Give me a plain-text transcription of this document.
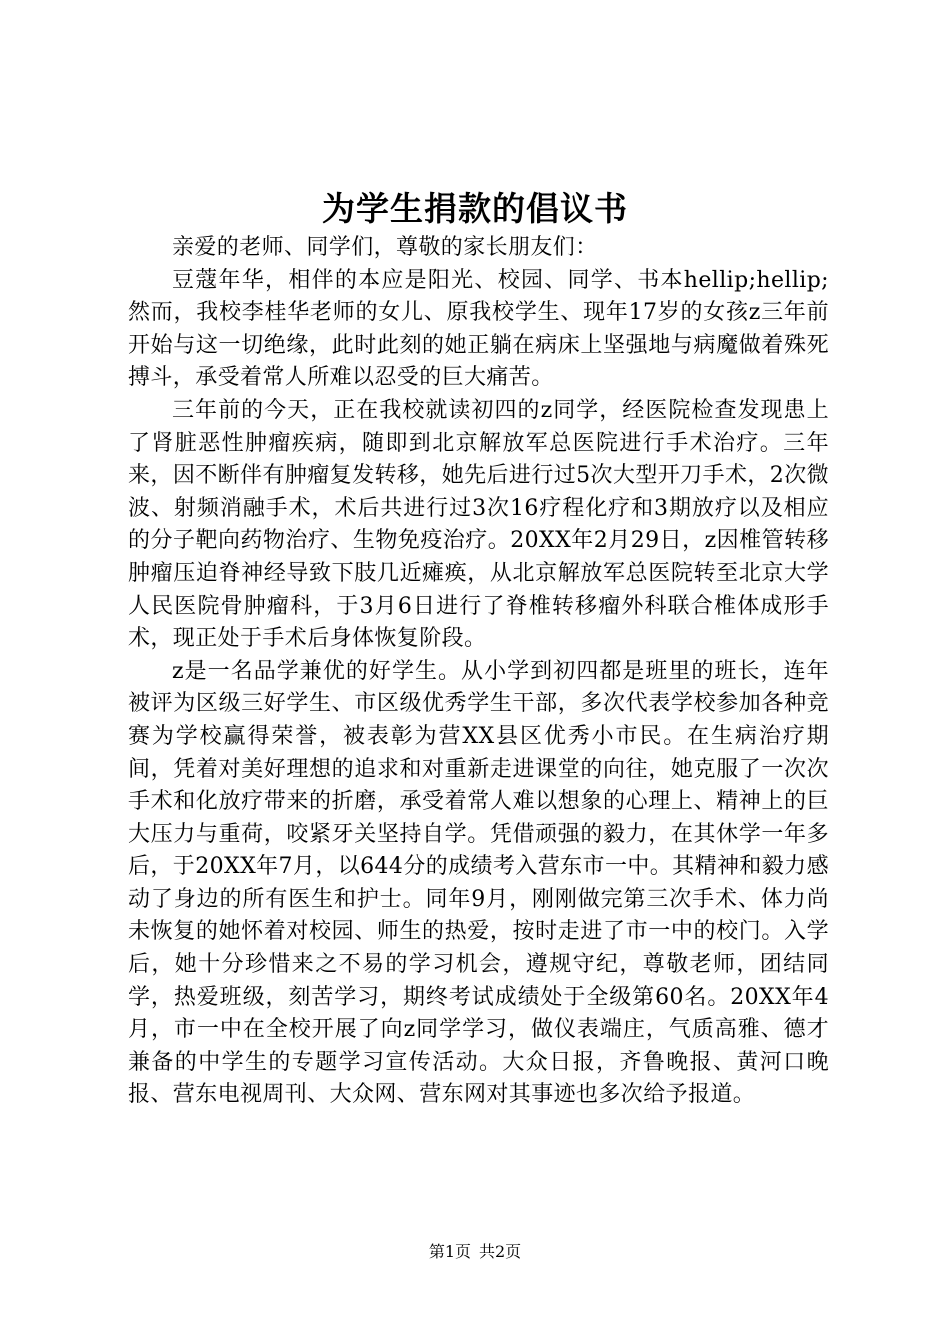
为学生捐款的倡议书

亲爱的老师、同学们，尊敬的家长朋友们：

豆蔻年华，相伴的本应是阳光、校园、同学、书本hellip;hellip;然而，我校李桂华老师的女儿、原我校学生、现年17岁的女孩z三年前开始与这一切绝缘，此时此刻的她正躺在病床上坚强地与病魔做着殊死搏斗，承受着常人所难以忍受的巨大痛苦。

三年前的今天，正在我校就读初四的z同学，经医院检查发现患上了肾脏恶性肿瘤疾病，随即到北京解放军总医院进行手术治疗。三年来，因不断伴有肿瘤复发转移，她先后进行过5次大型开刀手术，2次微波、射频消融手术，术后共进行过3次16疗程化疗和3期放疗以及相应的分子靶向药物治疗、生物免疫治疗。20XX年2月29日，z因椎管转移肿瘤压迫脊神经导致下肢几近瘫痪，从北京解放军总医院转至北京大学人民医院骨肿瘤科，于3月6日进行了脊椎转移瘤外科联合椎体成形手术，现正处于手术后身体恢复阶段。

z是一名品学兼优的好学生。从小学到初四都是班里的班长，连年被评为区级三好学生、市区级优秀学生干部，多次代表学校参加各种竞赛为学校赢得荣誉，被表彰为营XX县区优秀小市民。在生病治疗期间，凭着对美好理想的追求和对重新走进课堂的向往，她克服了一次次手术和化放疗带来的折磨，承受着常人难以想象的心理上、精神上的巨大压力与重荷，咬紧牙关坚持自学。凭借顽强的毅力，在其休学一年多后，于20XX年7月，以644分的成绩考入营东市一中。其精神和毅力感动了身边的所有医生和护士。同年9月，刚刚做完第三次手术、体力尚未恢复的她怀着对校园、师生的热爱，按时走进了市一中的校门。入学后，她十分珍惜来之不易的学习机会，遵规守纪，尊敬老师，团结同学，热爱班级，刻苦学习，期终考试成绩处于全级第60名。20XX年4月，市一中在全校开展了向z同学学习，做仪表端庄，气质高雅、德才兼备的中学生的专题学习宣传活动。大众日报，齐鲁晚报、黄河口晚报、营东电视周刊、大众网、营东网对其事迹也多次给予报道。

第1页 共2页
